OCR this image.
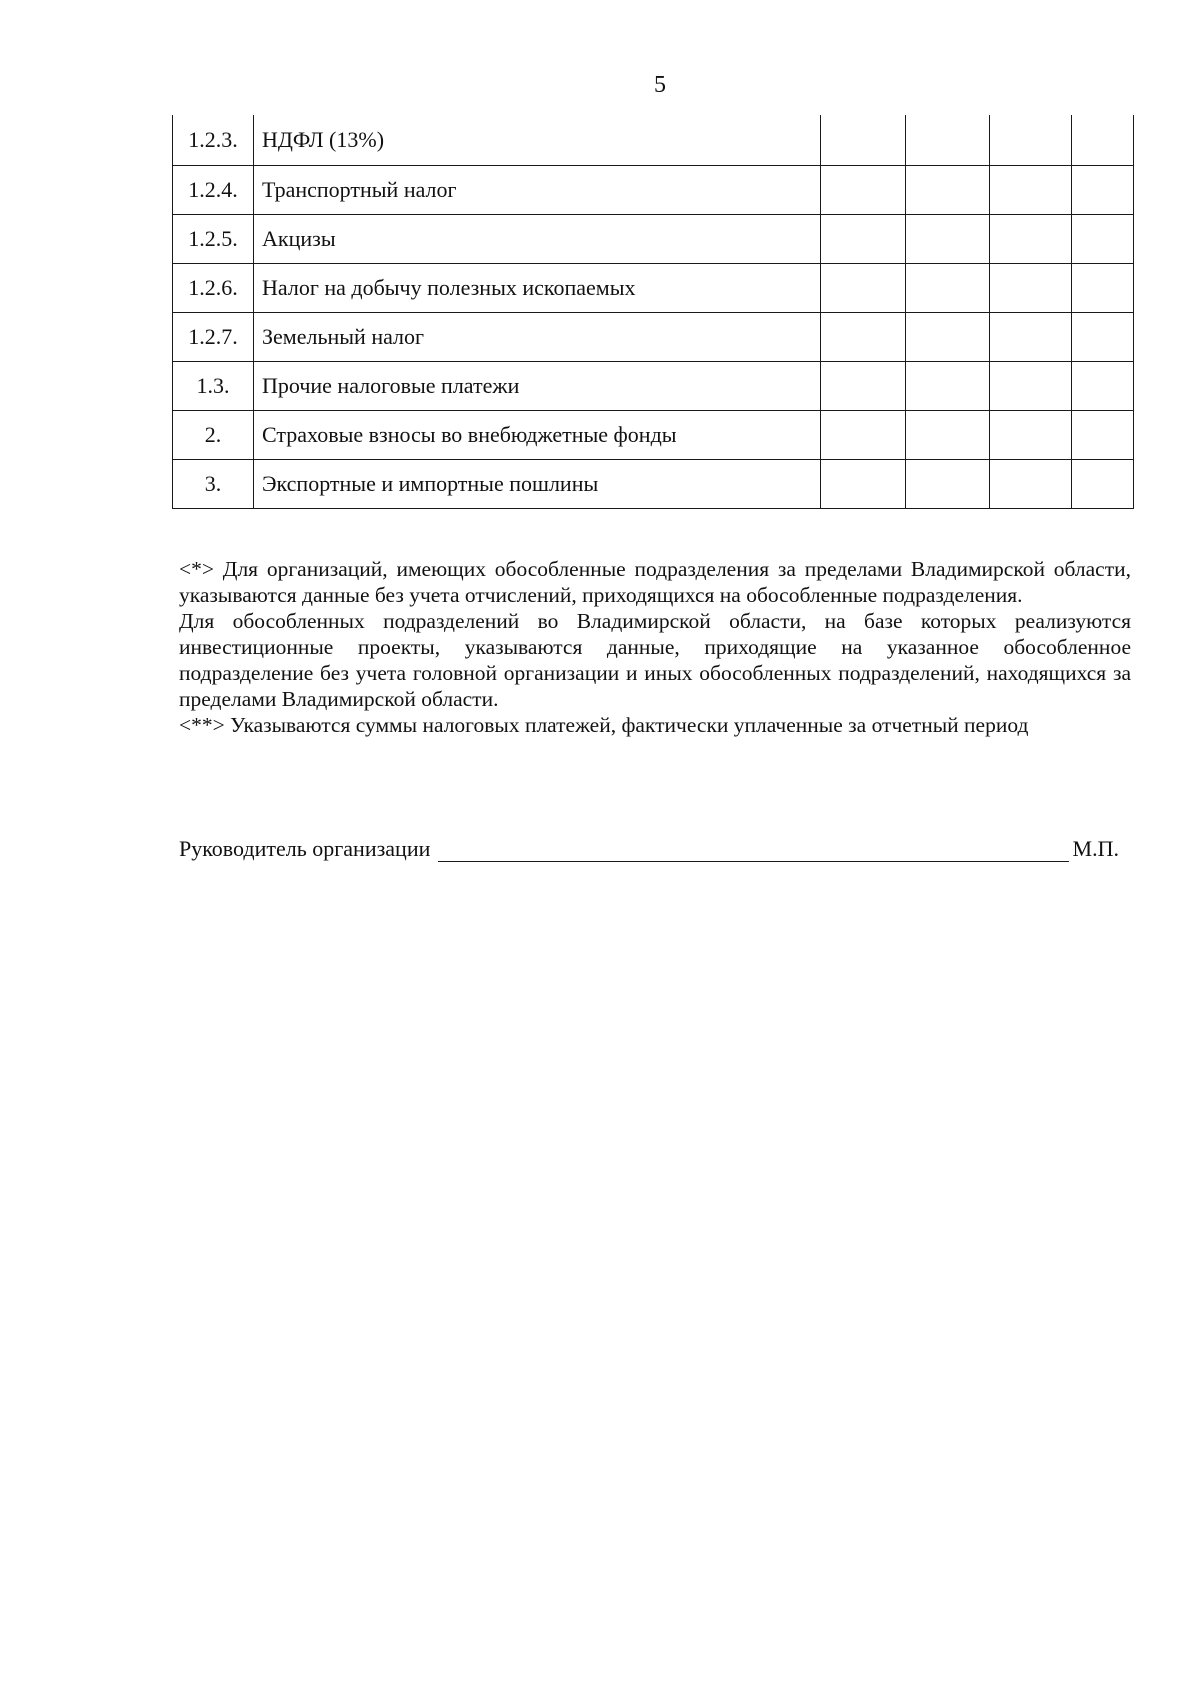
5
1.2.3.	НДФЛ (13%)				
1.2.4.	Транспортный налог				
1.2.5.	Акцизы				
1.2.6.	Налог на добычу полезных ископаемых				
1.2.7.	Земельный налог				
1.3.	Прочие налоговые платежи				
2.	Страховые взносы во внебюджетные фонды				
3.	Экспортные и импортные пошлины				

<*> Для организаций, имеющих обособленные подразделения за пределами Владимирской области, указываются данные без учета отчислений, приходящихся на обособленные подразделения.

Для обособленных подразделений во Владимирской области, на базе которых реализуются инвестиционные проекты, указываются данные, приходящие на указанное обособленное подразделение без учета головной организации и иных обособленных подразделений, находящихся за пределами Владимирской области.

<**> Указываются суммы налоговых платежей, фактически уплаченные за отчетный период

Руководитель организации	М.П.
